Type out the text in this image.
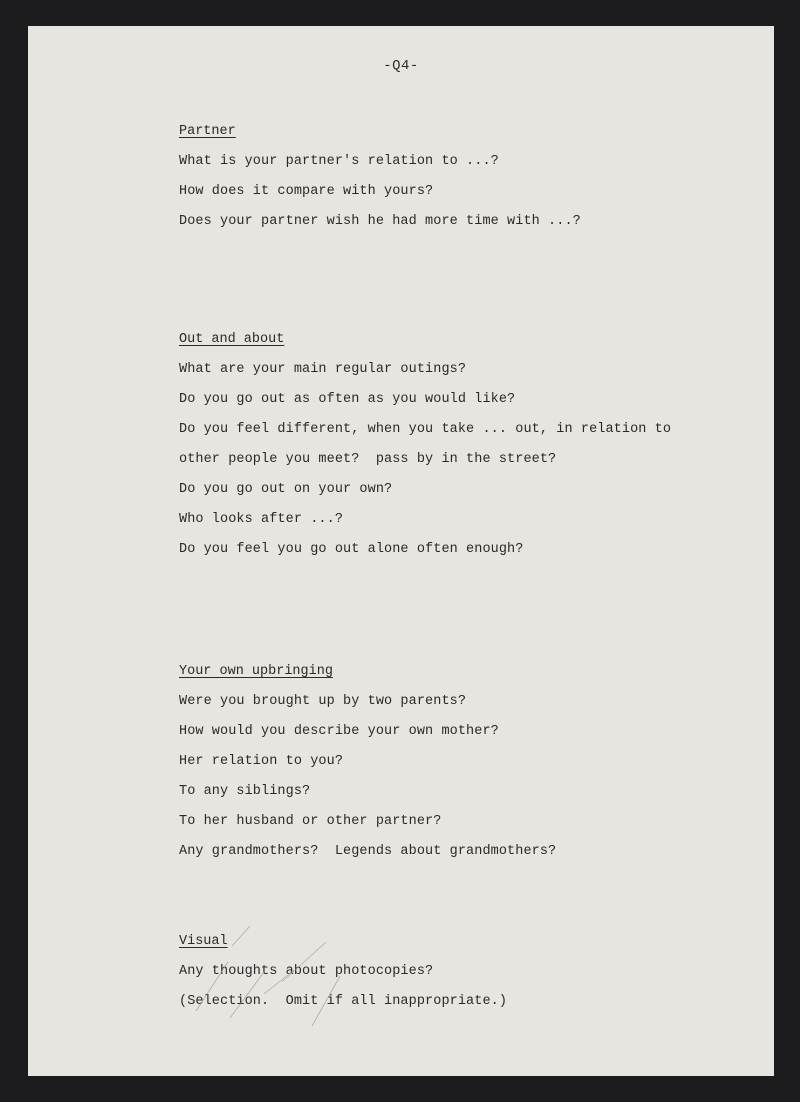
-Q4-
Partner
What is your partner's relation to ...?
How does it compare with yours?
Does your partner wish he had more time with ...?
Out and about
What are your main regular outings?
Do you go out as often as you would like?
Do you feel different, when you take ... out, in relation to
other people you meet?  pass by in the street?
Do you go out on your own?
Who looks after ...?
Do you feel you go out alone often enough?
Your own upbringing
Were you brought up by two parents?
How would you describe your own mother?
Her relation to you?
To any siblings?
To her husband or other partner?
Any grandmothers?  Legends about grandmothers?
Visual
Any thoughts about photocopies?
(Selection.  Omit if all inappropriate.)
